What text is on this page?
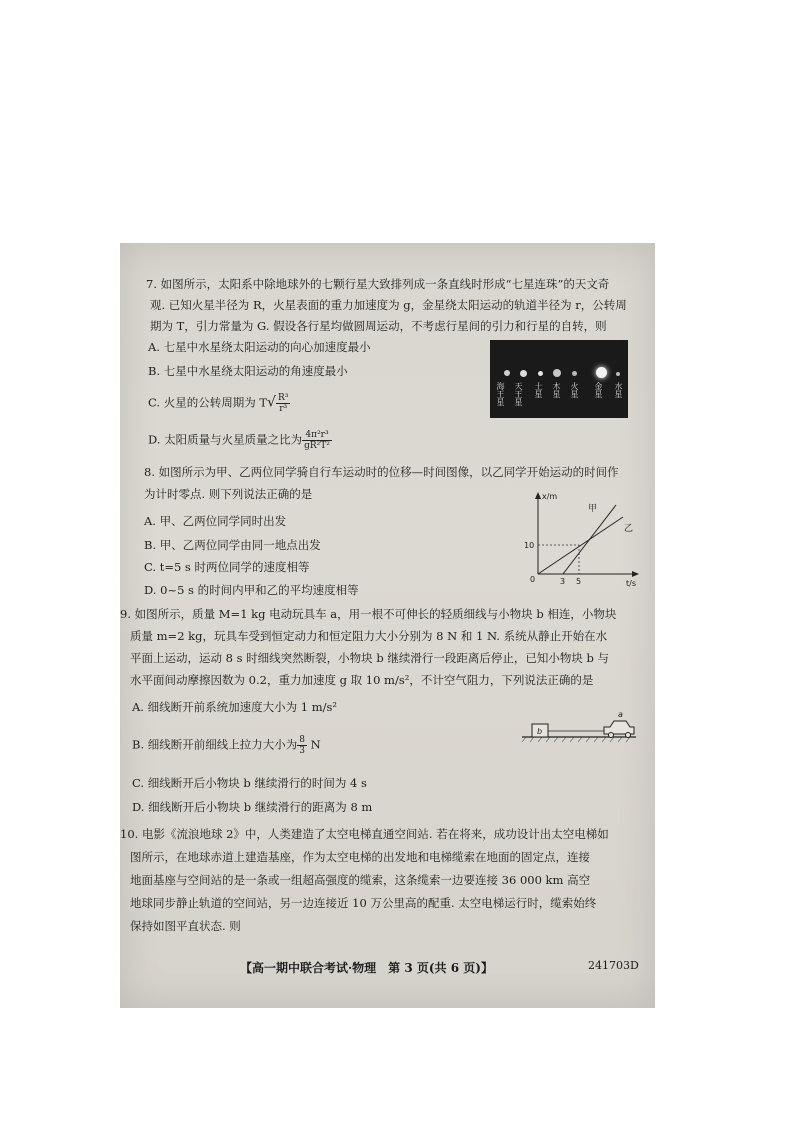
7. 如图所示，太阳系中除地球外的七颗行星大致排列成一条直线时形成“七星连珠”的天文奇
观. 已知火星半径为 R，火星表面的重力加速度为 g，金星绕太阳运动的轨道半径为 r，公转周
期为 T，引力常量为 G. 假设各行星均做圆周运动，不考虑行星间的引力和行星的自转，则
A. 七星中水星绕太阳运动的向心加速度最小
B. 七星中水星绕太阳运动的角速度最小
C. 火星的公转周期为 $T√ \frac{\text{R³}}{\text{r³}}$
D. 太阳质量与火星质量之比为 $\frac{\text{4π²r³}}{\text{gR²T²}}$
海王星 天王星 土星 木星 火星 金星 水星
8. 如图所示为甲、乙两位同学骑自行车运动时的位移—时间图像，以乙同学开始运动的时间作
为计时零点. 则下列说法正确的是
A. 甲、乙两位同学同时出发
B. 甲、乙两位同学由同一地点出发
C. t=5 s 时两位同学的速度相等
D. 0~5 s 的时间内甲和乙的平均速度相等
x/m
t/s
0
10
3 5
甲
乙
9. 如图所示，质量 M=1 kg 电动玩具车 a，用一根不可伸长的轻质细线与小物块 b 相连，小物块
质量 m=2 kg，玩具车受到恒定动力和恒定阻力大小分别为 8 N 和 1 N. 系统从静止开始在水
平面上运动，运动 8 s 时细线突然断裂，小物块 b 继续滑行一段距离后停止，已知小物块 b 与
水平面间动摩擦因数为 0.2，重力加速度 g 取 10 m/s²，不计空气阻力，下列说法正确的是
A. 细线断开前系统加速度大小为 1 m/s²
B. 细线断开前细线上拉力大小为 $\frac{8}{3}$ N
C. 细线断开后小物块 b 继续滑行的时间为 4 s
D. 细线断开后小物块 b 继续滑行的距离为 8 m
b
a
10. 电影《流浪地球 2》中，人类建造了太空电梯直通空间站. 若在将来，成功设计出太空电梯如
图所示，在地球赤道上建造基座，作为太空电梯的出发地和电梯缆索在地面的固定点，连接
地面基座与空间站的是一条或一组超高强度的缆索，这条缆索一边要连接 36 000 km 高空
地球同步静止轨道的空间站，另一边连接近 10 万公里高的配重. 太空电梯运行时，缆索始终
保持如图平直状态. 则
【高一期中联合考试·物理　第 3 页(共 6 页)】	241703D
